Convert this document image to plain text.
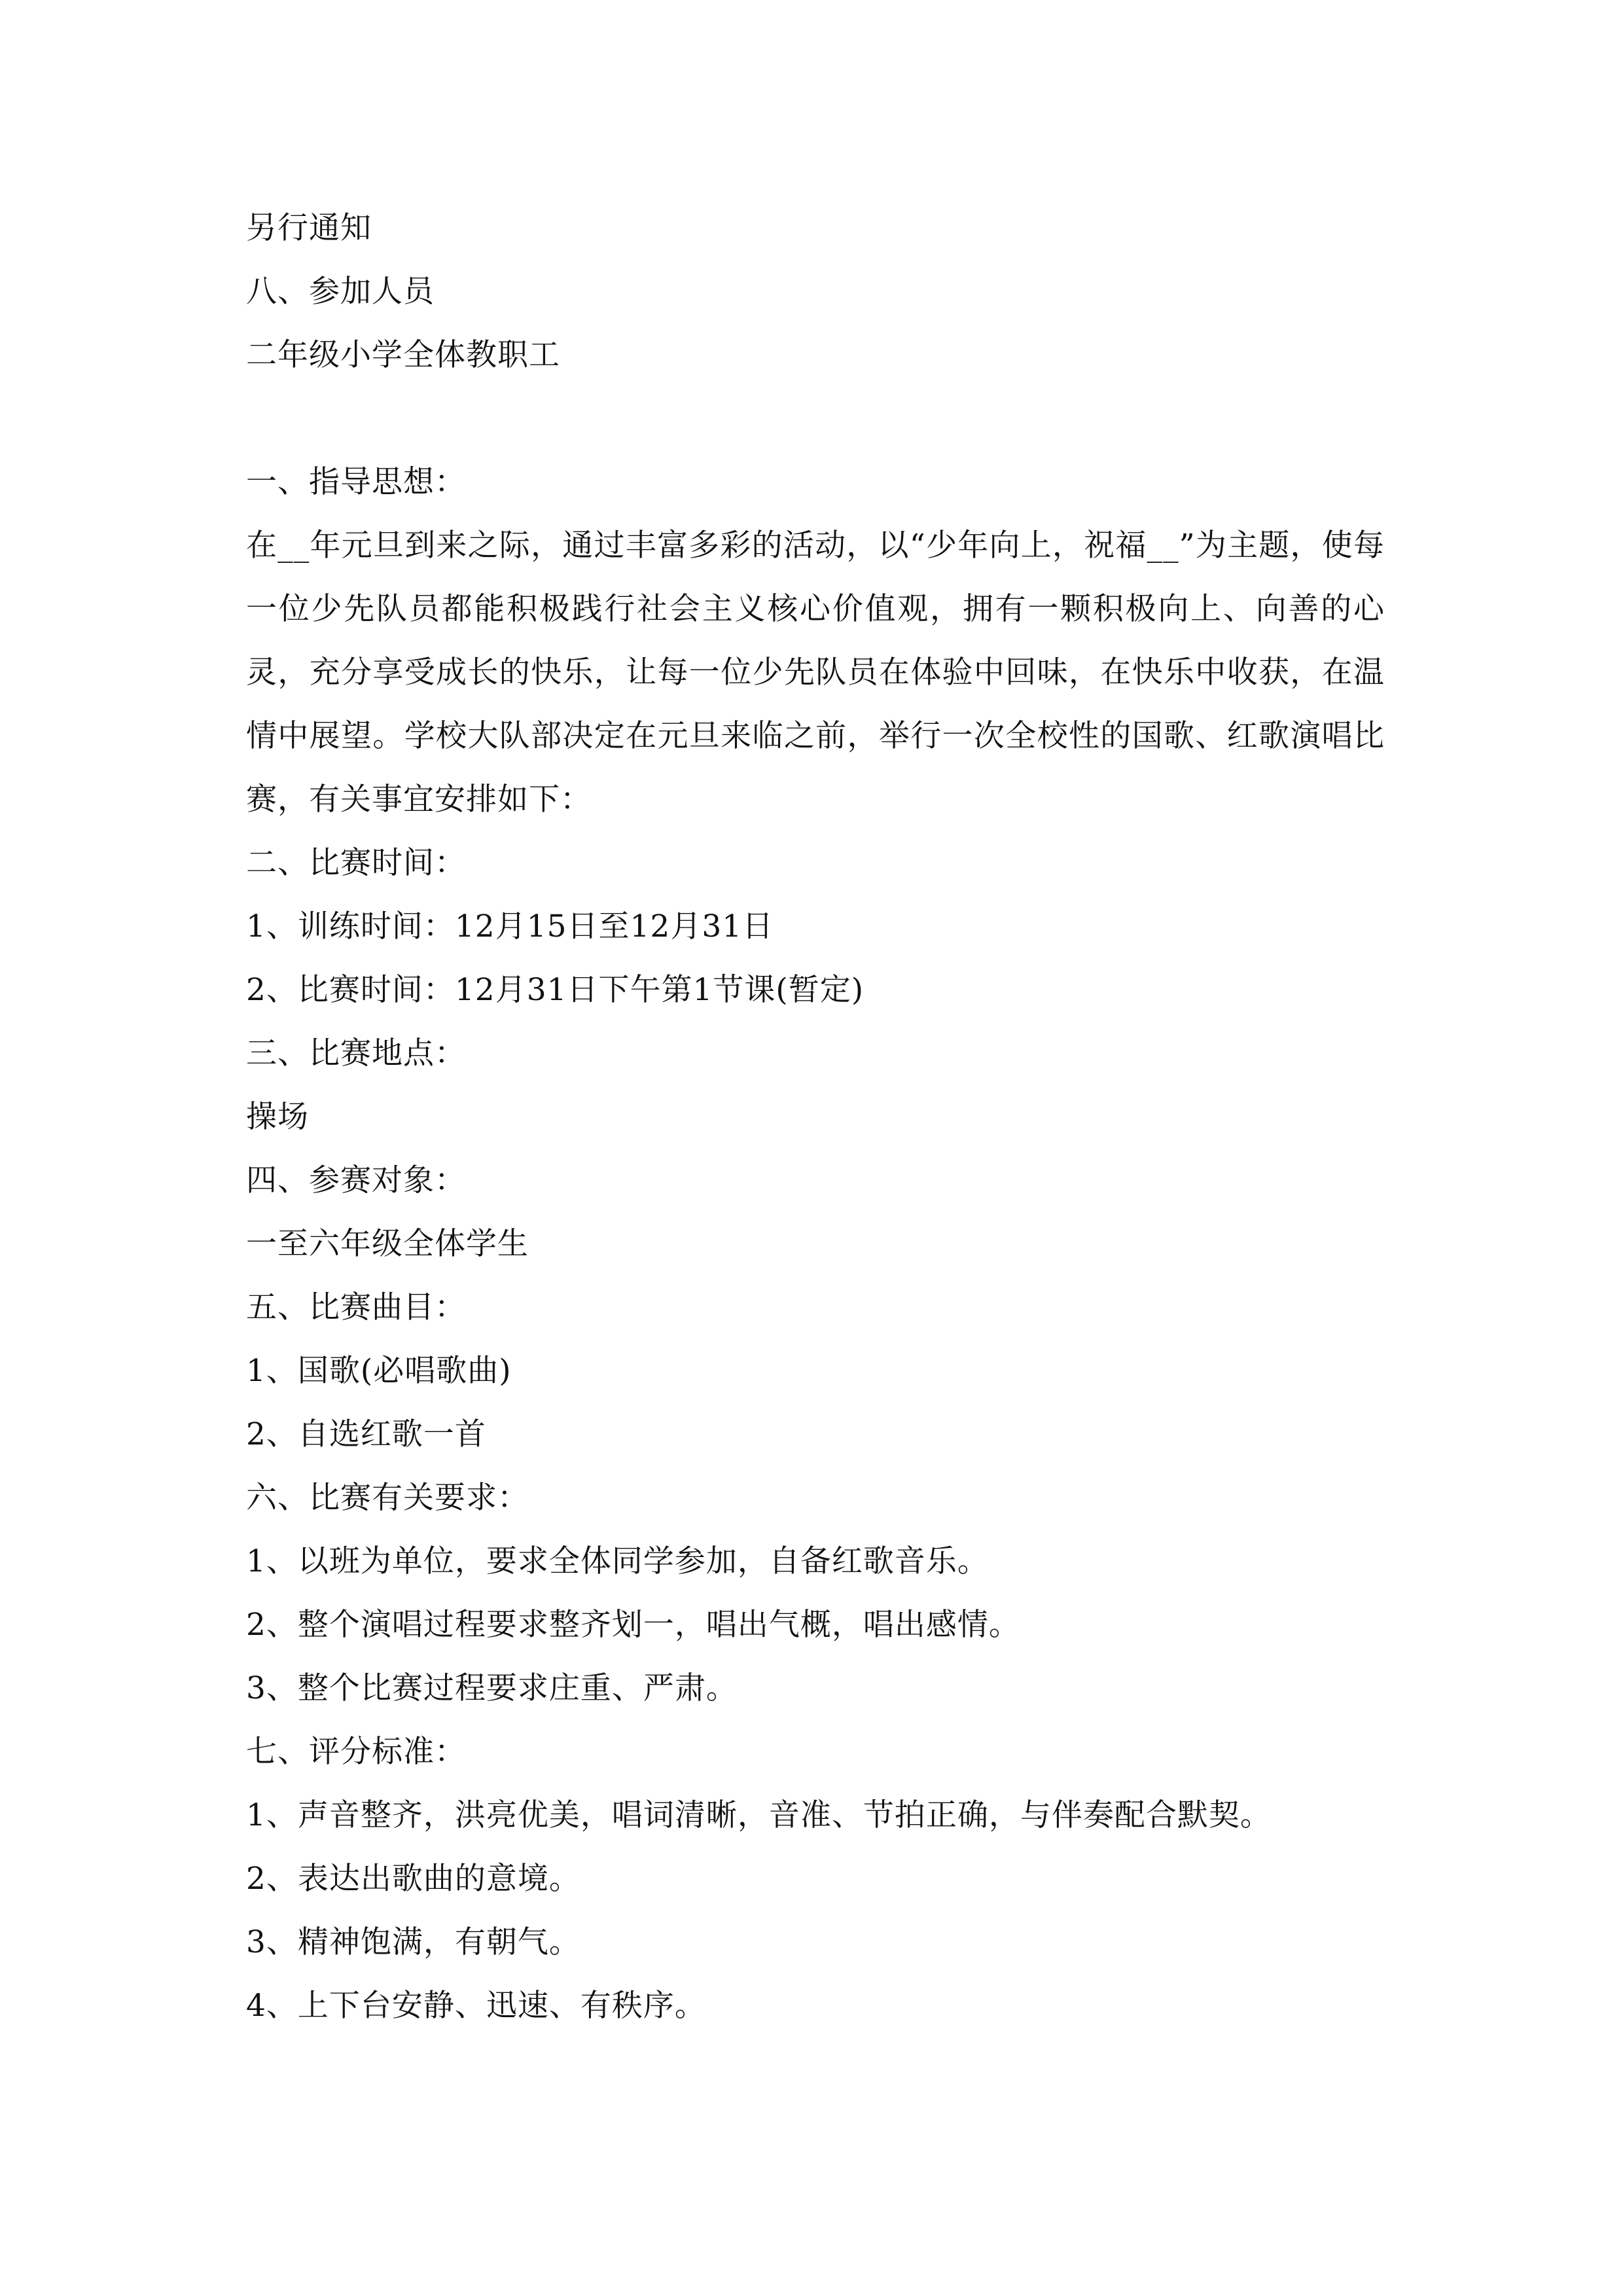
另行通知
八、参加人员
二年级小学全体教职工
一、指导思想：
在__年元旦到来之际，通过丰富多彩的活动，以“少年向上，祝福__”为主题，使每一位少先队员都能积极践行社会主义核心价值观，拥有一颗积极向上、向善的心灵，充分享受成长的快乐，让每一位少先队员在体验中回味，在快乐中收获，在温情中展望。学校大队部决定在元旦来临之前，举行一次全校性的国歌、红歌演唱比赛，有关事宜安排如下：
二、比赛时间：
1、训练时间：12月15日至12月31日
2、比赛时间：12月31日下午第1节课(暂定)
三、比赛地点：
操场
四、参赛对象：
一至六年级全体学生
五、比赛曲目：
1、国歌(必唱歌曲)
2、自选红歌一首
六、比赛有关要求：
1、以班为单位，要求全体同学参加，自备红歌音乐。
2、整个演唱过程要求整齐划一，唱出气概，唱出感情。
3、整个比赛过程要求庄重、严肃。
七、评分标准：
1、声音整齐，洪亮优美，唱词清晰，音准、节拍正确，与伴奏配合默契。
2、表达出歌曲的意境。
3、精神饱满，有朝气。
4、上下台安静、迅速、有秩序。
